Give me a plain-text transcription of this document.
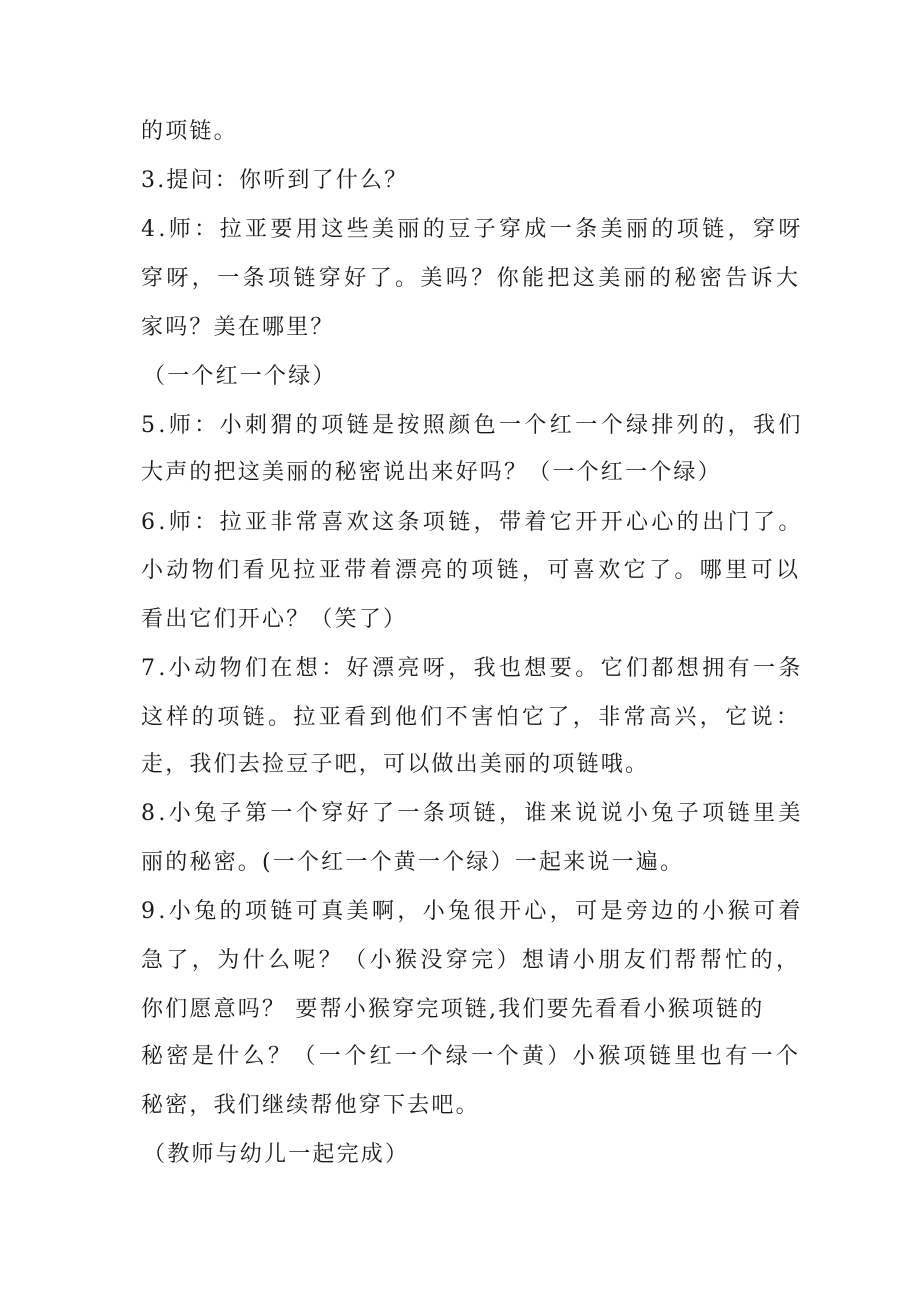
的项链。

3.提问：你听到了什么？

4.师：拉亚要用这些美丽的豆子穿成一条美丽的项链，穿呀

穿呀，一条项链穿好了。美吗？你能把这美丽的秘密告诉大

家吗？美在哪里？

（一个红一个绿）

5.师：小刺猬的项链是按照颜色一个红一个绿排列的，我们

大声的把这美丽的秘密说出来好吗？（一个红一个绿）

6.师：拉亚非常喜欢这条项链，带着它开开心心的出门了。

小动物们看见拉亚带着漂亮的项链，可喜欢它了。哪里可以

看出它们开心？（笑了）

7.小动物们在想：好漂亮呀，我也想要。它们都想拥有一条

这样的项链。拉亚看到他们不害怕它了，非常高兴，它说：

走，我们去捡豆子吧，可以做出美丽的项链哦。

8.小兔子第一个穿好了一条项链，谁来说说小兔子项链里美

丽的秘密。(一个红一个黄一个绿）一起来说一遍。

9.小兔的项链可真美啊，小兔很开心，可是旁边的小猴可着

急了，为什么呢？（小猴没穿完）想请小朋友们帮帮忙的，

你们愿意吗？ 要帮小猴穿完项链,我们要先看看小猴项链的

秘密是什么？（一个红一个绿一个黄）小猴项链里也有一个

秘密，我们继续帮他穿下去吧。

（教师与幼儿一起完成）
